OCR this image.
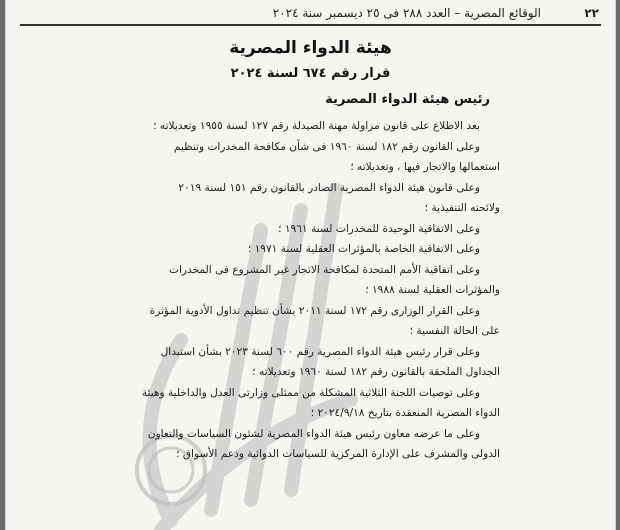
٢٢
الوقائع المصرية – العدد ٢٨٨ فى ٢٥ ديسمبر سنة ٢٠٢٤
هيئة الدواء المصرية
قرار رقم ٦٧٤ لسنة ٢٠٢٤
رئيس هيئة الدواء المصرية

بعد الاطلاع على قانون مزاولة مهنة الصيدلة رقم ١٢٧ لسنة ١٩٥٥ وتعديلاته ؛

وعلى القانون رقم ١٨٢ لسنة ١٩٦٠ فى شأن مكافحة المخدرات وتنظيم

استعمالها والاتجار فيها ، وتعديلاته ؛

وعلى قانون هيئة الدواء المصرية الصادر بالقانون رقم ١٥١ لسنة ٢٠١٩

ولائحته التنفيذية ؛

وعلى الاتفاقية الوحيدة للمخدرات لسنة ١٩٦١ ؛

وعلى الاتفاقية الخاصة بالمؤثرات العقلية لسنة ١٩٧١ ؛

وعلى اتفاقية الأمم المتحدة لمكافحة الاتجار غير المشروع فى المخدرات

والمؤثرات العقلية لسنة ١٩٨٨ ؛

وعلى القرار الوزارى رقم ١٧٢ لسنة ٢٠١١ بشأن تنظيم تداول الأدوية المؤثرة

على الحالة النفسية ؛

وعلى قرار رئيس هيئة الدواء المصرية رقم ٦٠٠ لسنة ٢٠٢٣ بشأن استبدال

الجداول الملحقة بالقانون رقم ١٨٢ لسنة ١٩٦٠ وتعديلاته ؛

وعلى توصيات اللجنة الثلاثية المشكلة من ممثلى وزارتى العدل والداخلية وهيئة

الدواء المصرية المنعقدة بتاريخ ٢٠٢٤/٩/١٨ ؛

وعلى ما عرضه معاون رئيس هيئة الدواء المصرية لشئون السياسات والتعاون

الدولى والمشرف على الإدارة المركزية للسياسات الدوائية ودعم الأسواق ؛
